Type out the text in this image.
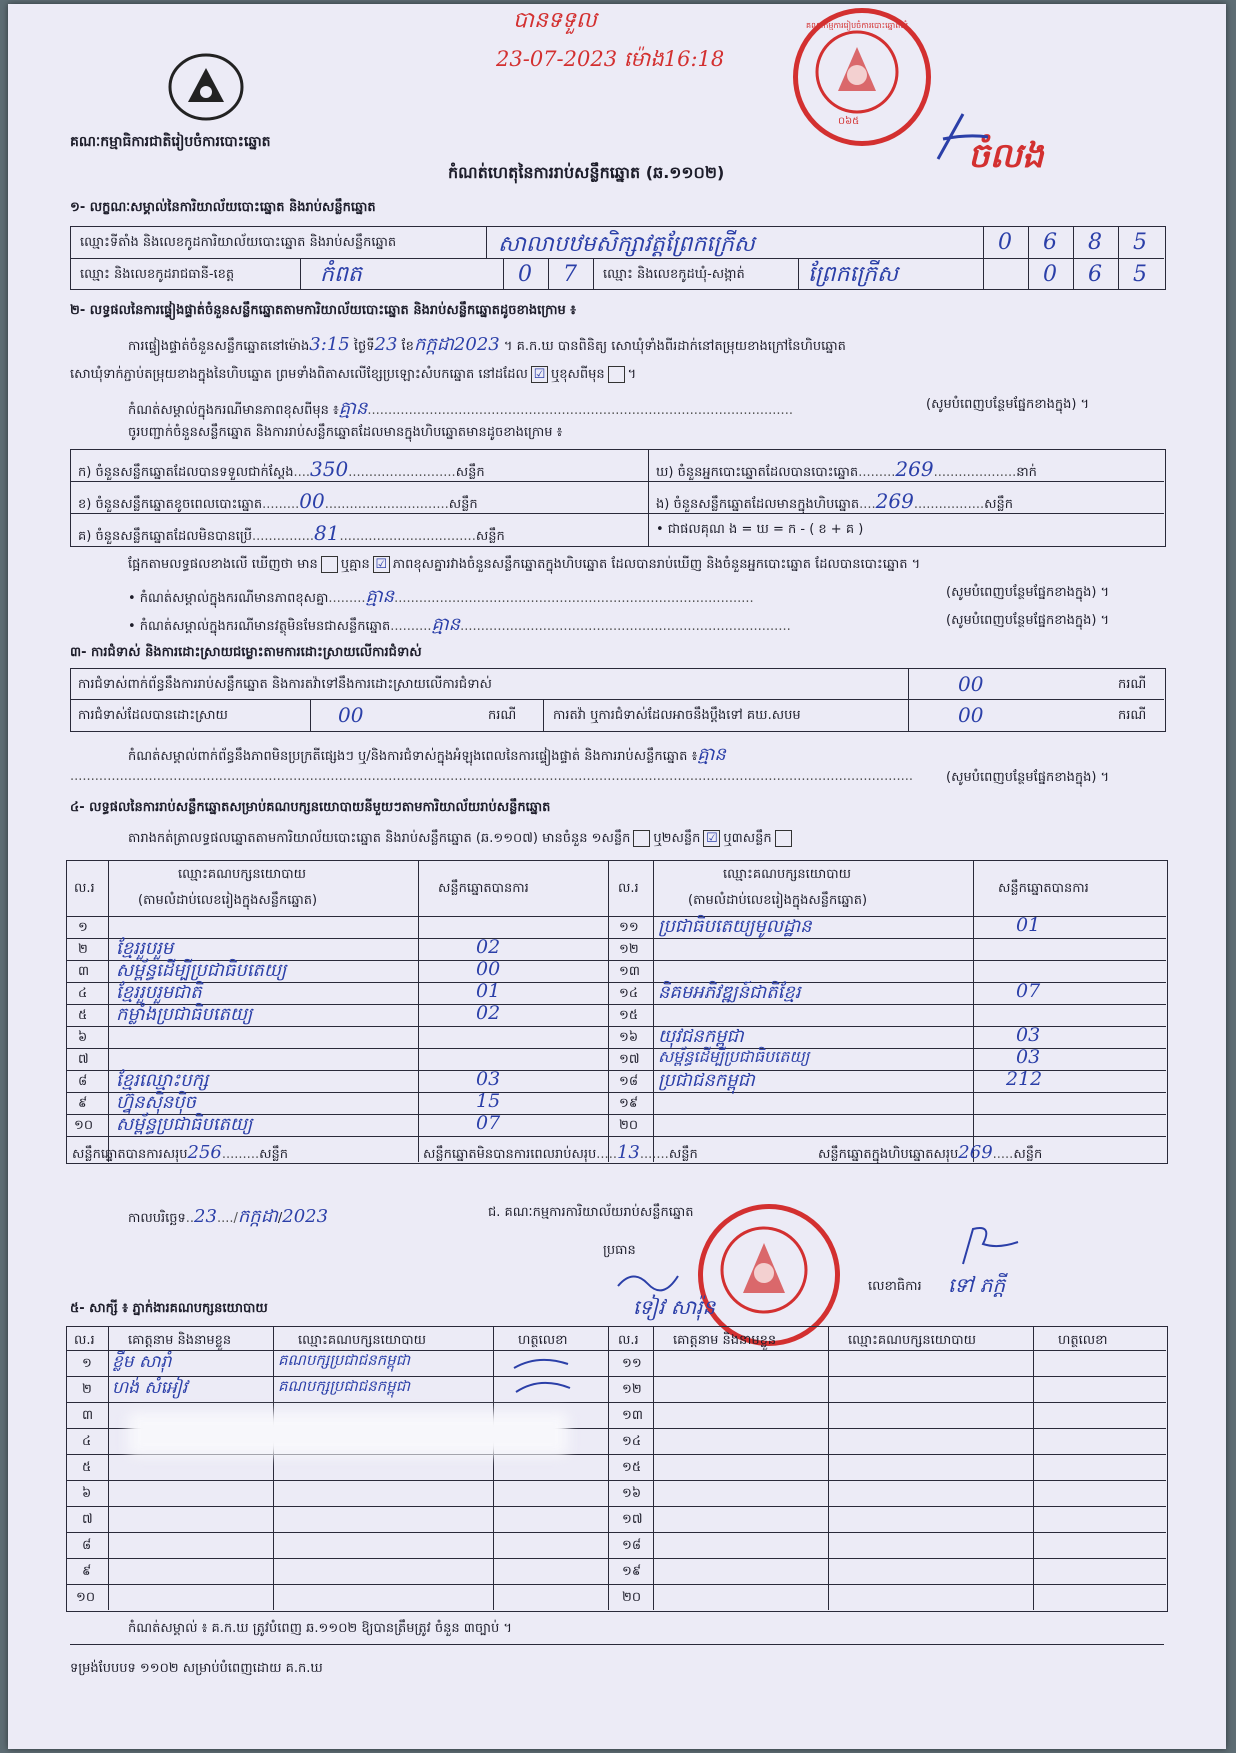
បានទទួល
23-07-2023 ម៉ោង16:18
គណៈកម្មការរៀបចំការបោះឆ្នោតឃុំ
០៦៥
ចំលង
គណៈកម្មាធិការជាតិរៀបចំការបោះឆ្នោត
កំណត់ហេតុនៃការរាប់សន្លឹកឆ្នោត (ឆ.១១០២)
១- លក្ខណៈសម្គាល់នៃការិយាល័យបោះឆ្នោត និងរាប់សន្លឹកឆ្នោត
ឈ្មោះទីតាំង និងលេខកូដការិយាល័យបោះឆ្នោត និងរាប់សន្លឹកឆ្នោត	សាលាបឋមសិក្សាវត្តព្រែកក្រើស	0 6 8 5
ឈ្មោះ និងលេខកូដរាជធានី-ខេត្ត	កំពត	0 7 ឈ្មោះ និងលេខកូដឃុំ-សង្កាត់	ព្រែកក្រើស	0 6 5
២- លទ្ធផលនៃការផ្ទៀងផ្ទាត់ចំនួនសន្លឹកឆ្នោតតាមការិយាល័យបោះឆ្នោត និងរាប់សន្លឹកឆ្នោតដូចខាងក្រោម ៖
ការផ្ទៀងផ្ទាត់ចំនួនសន្លឹកឆ្នោតនៅម៉ោង3:15 ថ្ងៃទី23 ខែកក្កដា2023 ។ គ.ក.ឃ បានពិនិត្យ សោឃុំទាំងពីរដាក់នៅតម្រុយខាងក្រៅនៃហិបឆ្នោត
សោឃុំទាក់ភ្ជាប់តម្រុយខាងក្នុងនៃហិបឆ្នោត ព្រមទាំងពិតាសលើខ្សែប្រឡោះសំបកឆ្នោត នៅដដែល ☑ ឬខុសពីមុន ។
កំណត់សម្គាល់ក្នុងករណីមានភាពខុសពីមុន ៖គ្មាន.......................................................................................................	(សូមបំពេញបន្ថែមផ្នែកខាងក្នុង) ។
ចូរបញ្ជាក់ចំនួនសន្លឹកឆ្នោត និងការរាប់សន្លឹកឆ្នោតដែលមានក្នុងហិបឆ្នោតមានដូចខាងក្រោម ៖
ក) ចំនួនសន្លឹកឆ្នោតដែលបានទទួលជាក់ស្តែង....350..........................សន្លឹក
ខ) ចំនួនសន្លឹកឆ្នោតខូចពេលបោះឆ្នោត.........00..............................សន្លឹក
គ) ចំនួនសន្លឹកឆ្នោតដែលមិនបានប្រើ...............81.................................សន្លឹក
ឃ) ចំនួនអ្នកបោះឆ្នោតដែលបានបោះឆ្នោត.........269....................នាក់
ង) ចំនួនសន្លឹកឆ្នោតដែលមានក្នុងហិបឆ្នោត....269.................សន្លឹក
• ជាផលគុណ ង = ឃ = ក - ( ខ + គ )
ផ្អែកតាមលទ្ធផលខាងលើ ឃើញថា មាន ឬគ្មាន ☑ ភាពខុសគ្នារវាងចំនួនសន្លឹកឆ្នោតក្នុងហិបឆ្នោត ដែលបានរាប់ឃើញ និងចំនួនអ្នកបោះឆ្នោត ដែលបានបោះឆ្នោត ។
• កំណត់សម្គាល់ក្នុងករណីមានភាពខុសគ្នា.........គ្មាន.......................................................................................	(សូមបំពេញបន្ថែមផ្នែកខាងក្នុង) ។
• កំណត់សម្គាល់ក្នុងករណីមានវត្ថុមិនមែនជាសន្លឹកឆ្នោត..........គ្មាន................................................................................	(សូមបំពេញបន្ថែមផ្នែកខាងក្នុង) ។
៣- ការជំទាស់ និងការដោះស្រាយជម្លោះតាមការដោះស្រាយលើការជំទាស់
ការជំទាស់ពាក់ព័ន្ធនឹងការរាប់សន្លឹកឆ្នោត និងការតវ៉ាទៅនឹងការដោះស្រាយលើការជំទាស់	00	ករណី
ការជំទាស់ដែលបានដោះស្រាយ	00	ករណី	ការតវ៉ា ឬការជំទាស់ដែលអាចនឹងប្តឹងទៅ គឃ.សបម	00	ករណី
កំណត់សម្គាល់ពាក់ព័ន្ធនឹងភាពមិនប្រក្រតីផ្សេងៗ ឬ/និងការជំទាស់ក្នុងអំឡុងពេលនៃការផ្ទៀងផ្ទាត់ និងការរាប់សន្លឹកឆ្នោត ៖គ្មាន
............................................................................................................................................................................................................	(សូមបំពេញបន្ថែមផ្នែកខាងក្នុង) ។
៤- លទ្ធផលនៃការរាប់សន្លឹកឆ្នោតសម្រាប់គណបក្សនយោបាយនីមួយៗតាមការិយាល័យរាប់សន្លឹកឆ្នោត
តារាងកត់ត្រាលទ្ធផលឆ្នោតតាមការិយាល័យបោះឆ្នោត និងរាប់សន្លឹកឆ្នោត (ឆ.១១០៧) មានចំនួន ១សន្លឹក ឬ២សន្លឹក ☑ ឬ៣សន្លឹក
ល.រ
ឈ្មោះគណបក្សនយោបាយ
(តាមលំដាប់លេខរៀងក្នុងសន្លឹកឆ្នោត)
សន្លឹកឆ្នោតបានការ	ល.រ
ឈ្មោះគណបក្សនយោបាយ
(តាមលំដាប់លេខរៀងក្នុងសន្លឹកឆ្នោត)
សន្លឹកឆ្នោតបានការ
១
២ ខ្មែររួបរួម	02
៣ សម្ព័ន្ធដើម្បីប្រជាធិបតេយ្យ	00
៤ ខ្មែររួបរួមជាតិ	01
៥ កម្លាំងប្រជាធិបតេយ្យ	02
៦
៧
៨ ខ្មែរឈ្មោះបក្ស	03
៩ ហ្វ៊ុនស៊ិនប៉ិច	15
១០ សម្ព័ន្ធប្រជាធិបតេយ្យ	07
១១ ប្រជាធិបតេយ្យមូលដ្ឋាន	01
១២
១៣
១៤ និគមអភិវឌ្ឍន៍ជាតិខ្មែរ	07
១៥
១៦ យុវជនកម្ពុជា	03
១៧ សម្ព័ន្ធដើម្បីប្រជាធិបតេយ្យ	03
១៨ ប្រជាជនកម្ពុជា	212
១៩
២០
សន្លឹកឆ្នោតបានការសរុប256.........សន្លឹក	សន្លឹកឆ្នោតមិនបានការពេលរាប់សរុប.....13.......សន្លឹក	សន្លឹកឆ្នោតក្នុងហិបឆ្នោតសរុប269.....សន្លឹក
កាលបរិច្ឆេទ..23..../កក្កដា/2023	ជ. គណៈកម្មការការិយាល័យរាប់សន្លឹកឆ្នោត
ប្រធាន
ទៀវ សារ៉ុន
លេខាធិការ ទៅ ភក្តី
៥- សាក្សី ៖ ភ្នាក់ងារគណបក្សនយោបាយ
ល.រ	គោត្តនាម និងនាមខ្លួន	ឈ្មោះគណបក្សនយោបាយ	ហត្ថលេខា	ល.រ	គោត្តនាម និងនាមខ្លួន	ឈ្មោះគណបក្សនយោបាយ	ហត្ថលេខា
១ ខ្លឹម សារ៉ាំ	គណបក្សប្រជាជនកម្ពុជា
២ ហង់ សំអៀវ	គណបក្សប្រជាជនកម្ពុជា
៣
៤
៥
៦
៧
៨
៩
១០
១១
១២
១៣
១៤
១៥
១៦
១៧
១៨
១៩
២០
កំណត់សម្គាល់ ៖ គ.ក.ឃ ត្រូវបំពេញ ឆ.១១០២ ឱ្យបានត្រឹមត្រូវ ចំនួន ៣ច្បាប់ ។
ទម្រង់បែបបទ ១១០២ សម្រាប់បំពេញដោយ គ.ក.ឃ
